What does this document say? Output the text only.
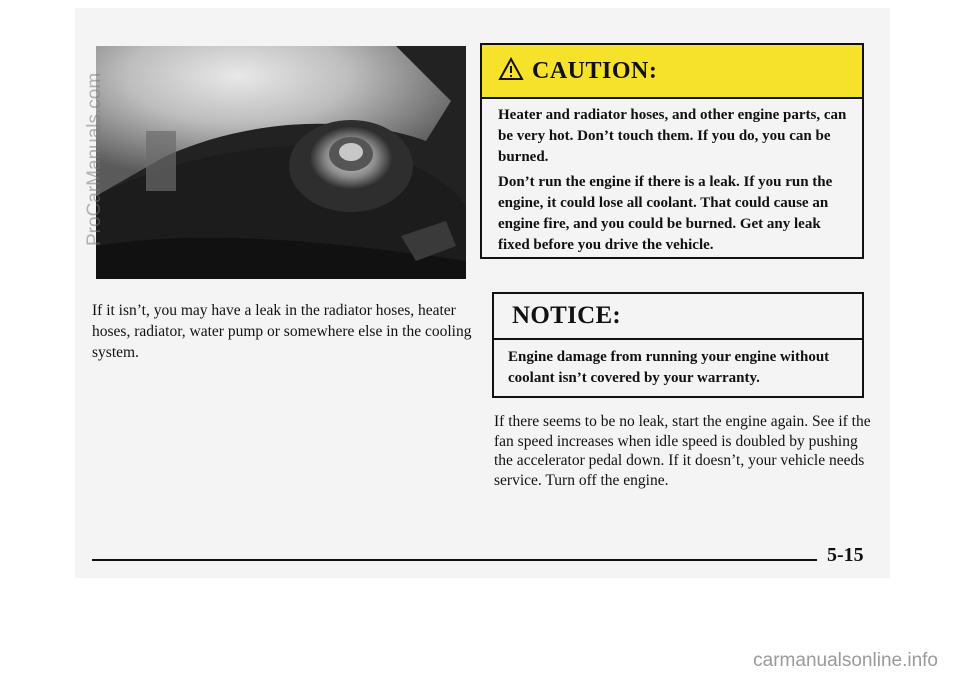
If it isn’t, you may have a leak in the radiator hoses, heater hoses, radiator, water pump or somewhere else in the cooling system.
CAUTION:

Heater and radiator hoses, and other engine parts, can be very hot. Don’t touch them. If you do, you can be burned.

Don’t run the engine if there is a leak. If you run the engine, it could lose all coolant. That could cause an engine fire, and you could be burned. Get any leak fixed before you drive the vehicle.

NOTICE:
Engine damage from running your engine without coolant isn’t covered by your warranty.
If there seems to be no leak, start the engine again. See if the fan speed increases when idle speed is doubled by pushing the accelerator pedal down. If it doesn’t, your vehicle needs service. Turn off the engine.
5-15
ProCarManuals.com
carmanualsonline.info
